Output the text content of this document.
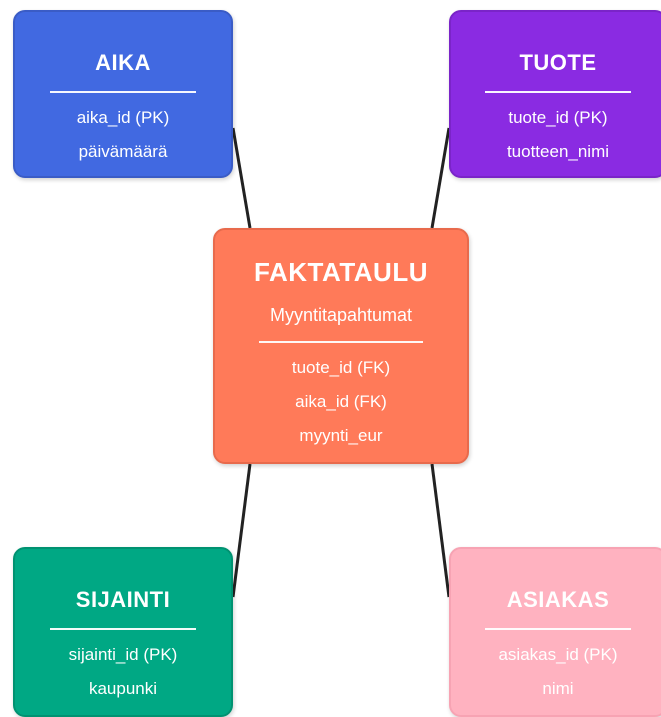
AIKA
aika_id (PK)
päivämäärä
TUOTE
tuote_id (PK)
tuotteen_nimi
FAKTATAULU
Myyntitapahtumat
tuote_id (FK)
aika_id (FK)
myynti_eur
SIJAINTI
sijainti_id (PK)
kaupunki
ASIAKAS
asiakas_id (PK)
nimi
